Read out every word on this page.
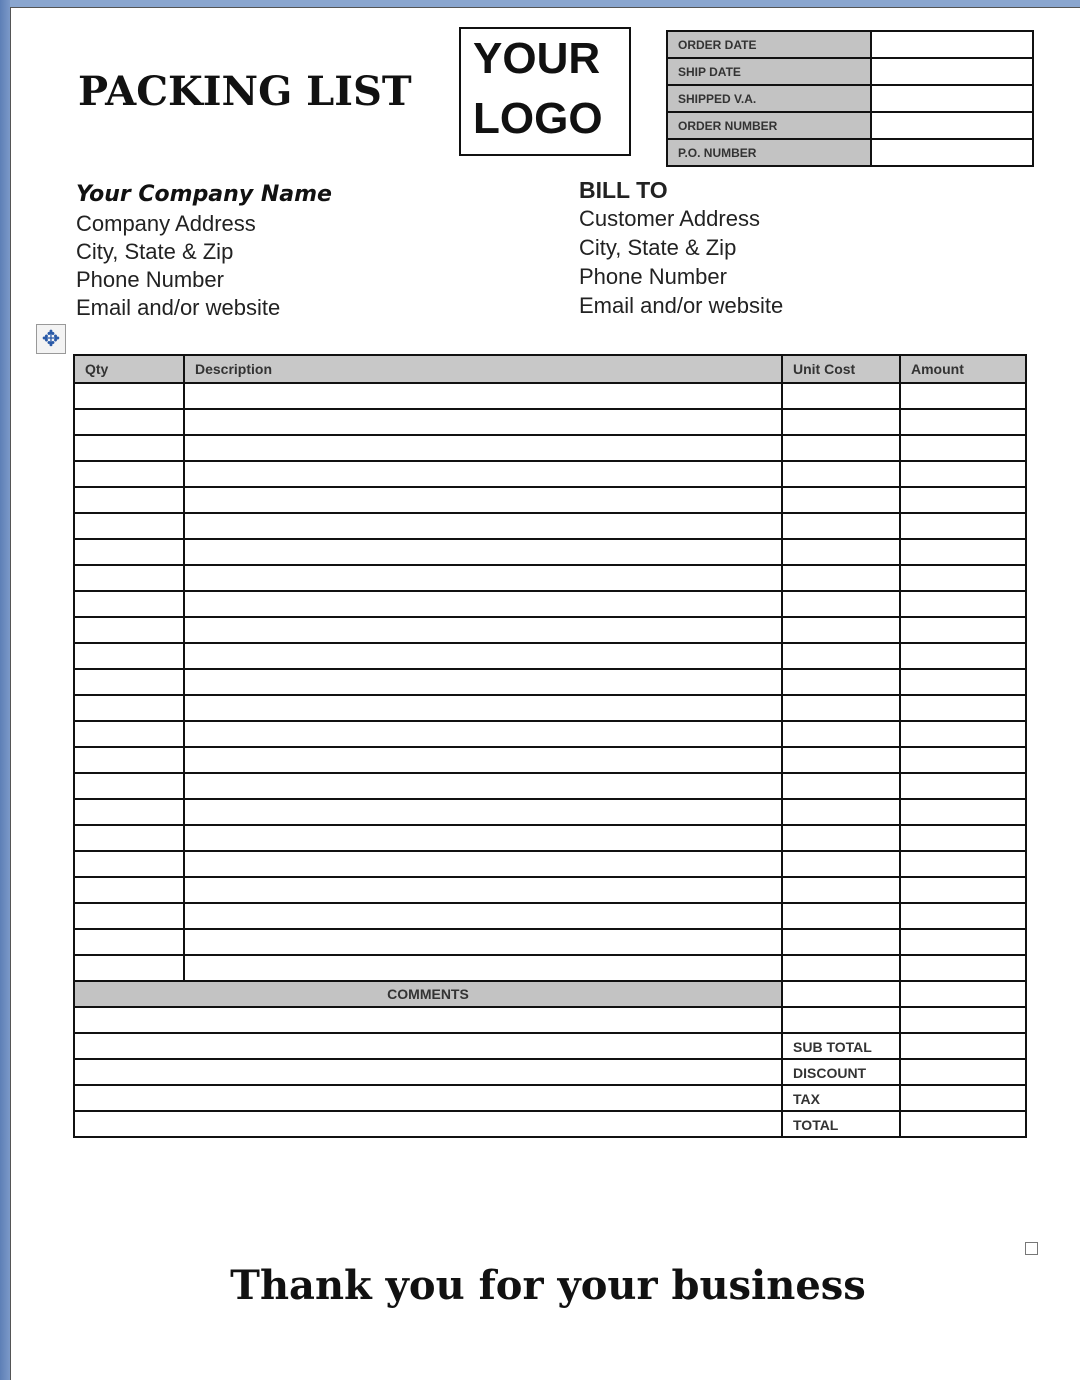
PACKING LIST
YOUR
LOGO
ORDER DATE	
SHIP DATE	
SHIPPED V.A.	
ORDER NUMBER	
P.O. NUMBER	
Your Company Name
Company Address
City, State & Zip
Phone Number
Email and/or website
BILL TO
Customer Address
City, State & Zip
Phone Number
Email and/or website
✥
Qty	Description	Unit Cost	Amount

COMMENTS			

		SUB TOTAL	
		DISCOUNT	
		TAX	
		TOTAL	
Thank you for your business
